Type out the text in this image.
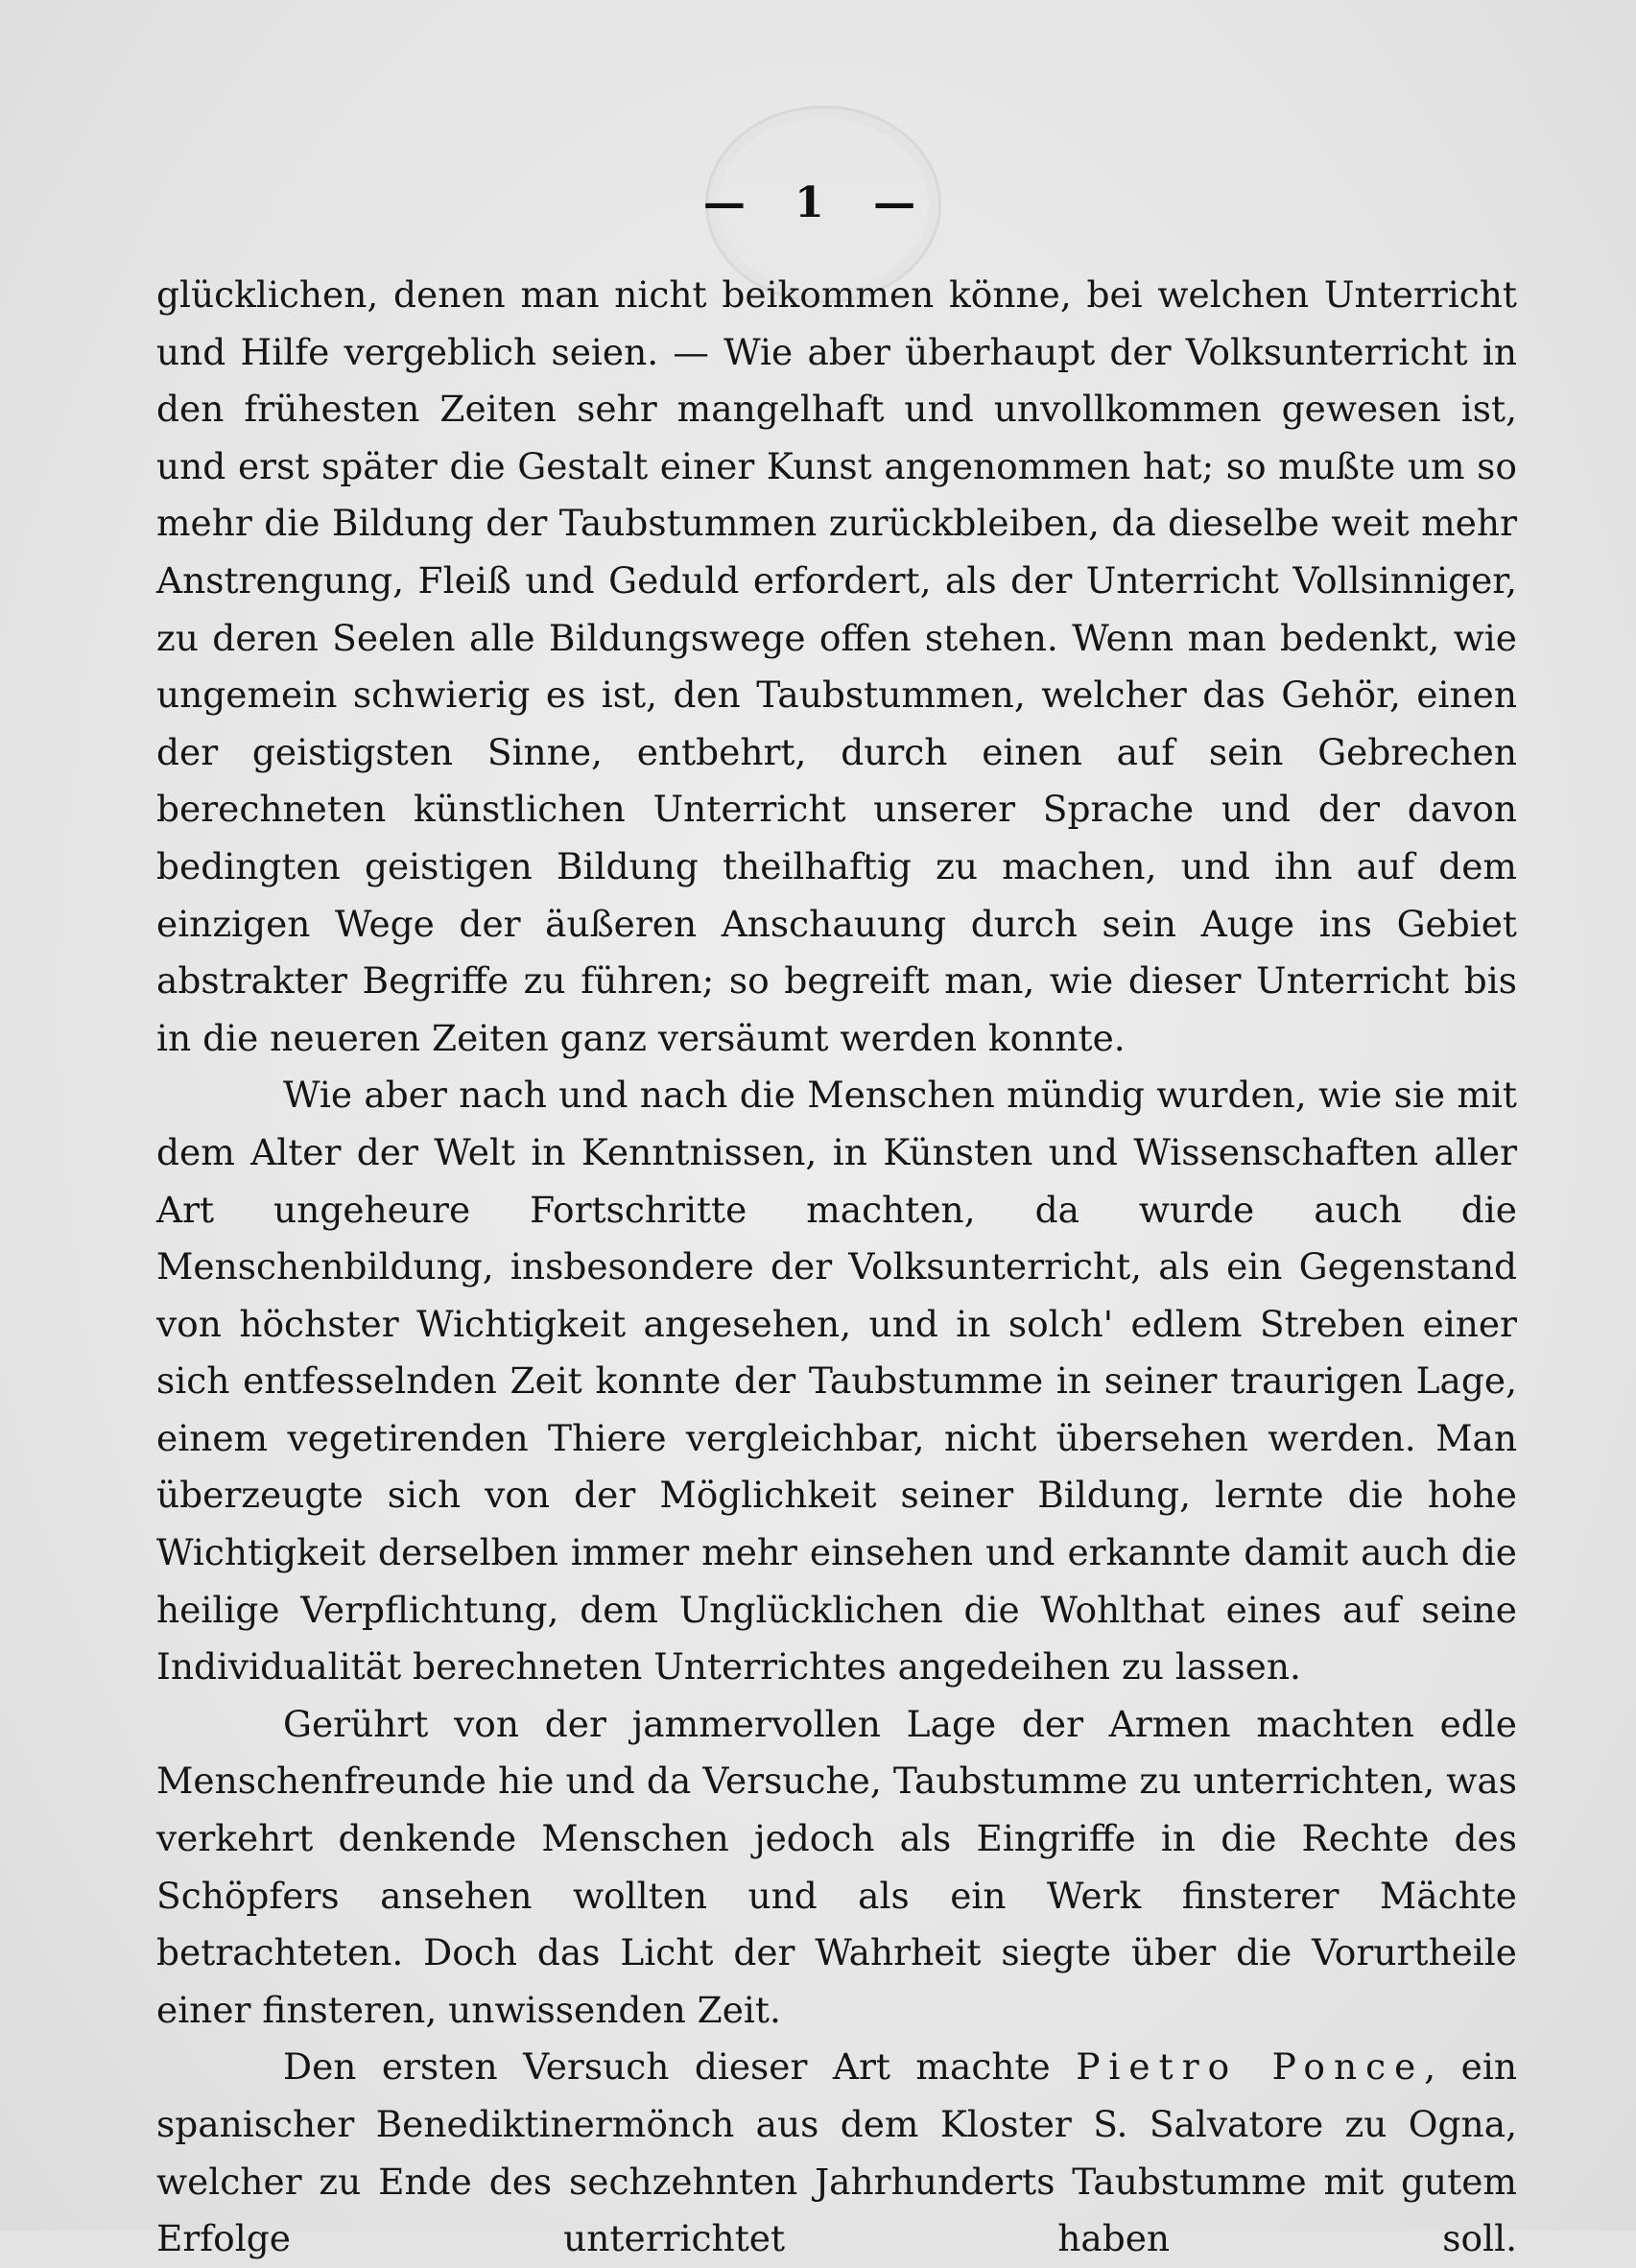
— 1 —

glücklichen, denen man nicht beikommen könne, bei welchen Unterricht und Hilfe vergeblich seien. — Wie aber überhaupt der Volksunterricht in den frühesten Zeiten sehr mangelhaft und unvollkommen gewesen ist, und erst später die Gestalt einer Kunst angenommen hat; so mußte um so mehr die Bildung der Taubstummen zurückbleiben, da dieselbe weit mehr Anstrengung, Fleiß und Geduld erfordert, als der Unterricht Vollsinniger, zu deren Seelen alle Bildungswege offen stehen. Wenn man bedenkt, wie ungemein schwierig es ist, den Taubstummen, welcher das Gehör, einen der geistigsten Sinne, entbehrt, durch einen auf sein Gebrechen berechneten künstlichen Unterricht unserer Sprache und der davon bedingten geistigen Bildung theilhaftig zu machen, und ihn auf dem einzigen Wege der äußeren Anschauung durch sein Auge ins Gebiet abstrakter Begriffe zu führen; so begreift man, wie dieser Unterricht bis in die neueren Zeiten ganz versäumt werden konnte.

Wie aber nach und nach die Menschen mündig wurden, wie sie mit dem Alter der Welt in Kenntnissen, in Künsten und Wissenschaften aller Art ungeheure Fortschritte machten, da wurde auch die Menschenbildung, insbesondere der Volksunterricht, als ein Gegenstand von höchster Wichtigkeit angesehen, und in solch' edlem Streben einer sich entfesselnden Zeit konnte der Taubstumme in seiner traurigen Lage, einem vegetirenden Thiere vergleichbar, nicht übersehen werden. Man überzeugte sich von der Möglichkeit seiner Bildung, lernte die hohe Wichtigkeit derselben immer mehr einsehen und erkannte damit auch die heilige Verpflichtung, dem Unglücklichen die Wohlthat eines auf seine Individualität berechneten Unterrichtes angedeihen zu lassen.

Gerührt von der jammervollen Lage der Armen machten edle Menschenfreunde hie und da Versuche, Taubstumme zu unterrichten, was verkehrt denkende Menschen jedoch als Eingriffe in die Rechte des Schöpfers ansehen wollten und als ein Werk finsterer Mächte betrachteten. Doch das Licht der Wahrheit siegte über die Vorurtheile einer finsteren, unwissenden Zeit.

Den ersten Versuch dieser Art machte Pietro Ponce, ein spanischer Benediktinermönch aus dem Kloster S. Salvatore zu Ogna, welcher zu Ende des sechzehnten Jahrhunderts Taubstumme mit gutem Erfolge unterrichtet haben soll.
